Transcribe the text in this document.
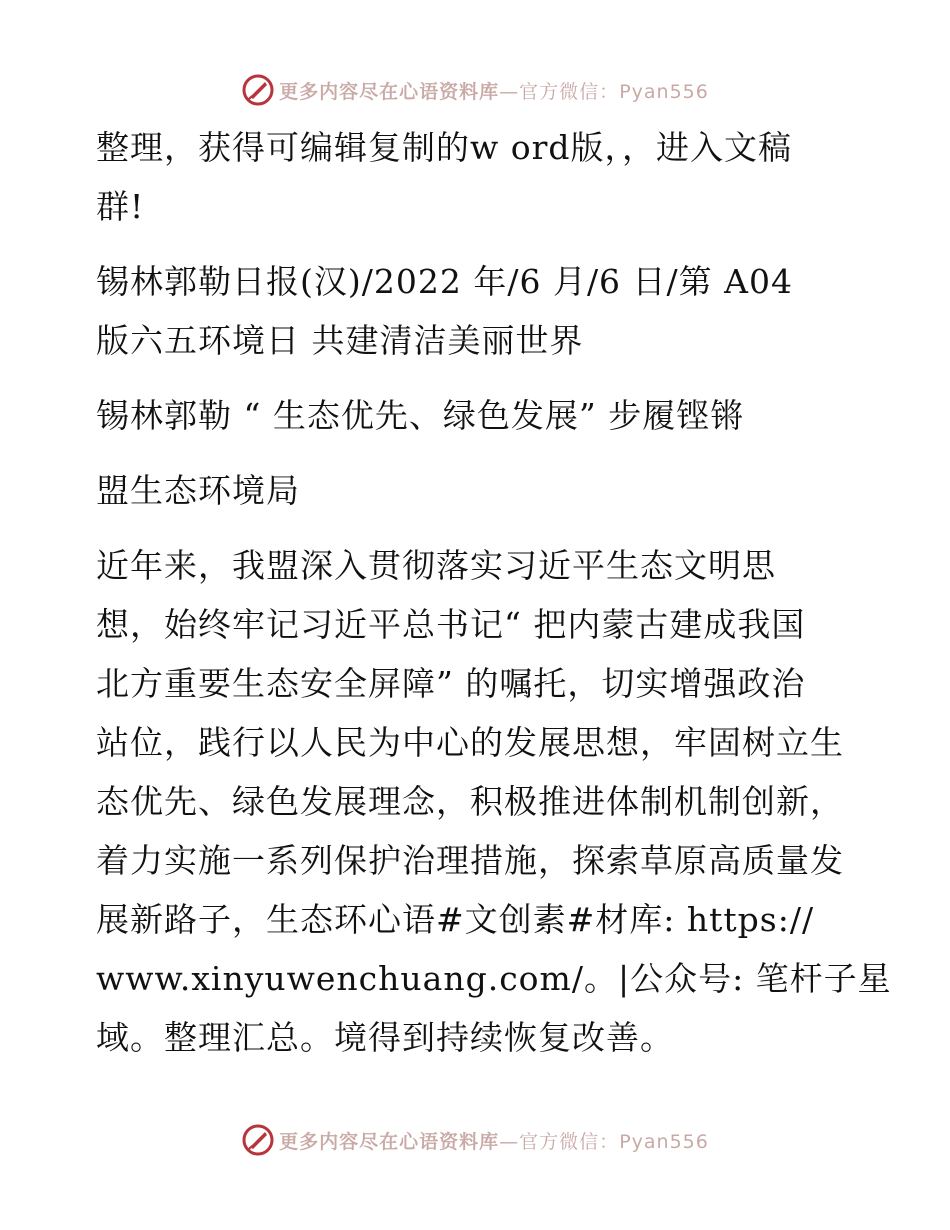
更多内容尽在心语资料库—官方微信：Pyan556
整理，获得可编辑复制的w ord版，，进入文稿
群!
锡林郭勒日报(汉)/2022 年/6 月/6 日/第 A04
版六五环境日 共建清洁美丽世界
锡林郭勒 “ 生态优先、绿色发展” 步履铿锵
盟生态环境局
近年来，我盟深入贯彻落实习近平生态文明思
想，始终牢记习近平总书记“ 把内蒙古建成我国
北方重要生态安全屏障” 的嘱托，切实增强政治
站位，践行以人民为中心的发展思想，牢固树立生
态优先、绿色发展理念，积极推进体制机制创新，
着力实施一系列保护治理措施，探索草原高质量发
展新路子，生态环心语#文创素#材库: https://
www.xinyuwenchuang.com/。|公众号: 笔杆子星
域。整理汇总。境得到持续恢复改善。
更多内容尽在心语资料库—官方微信：Pyan556
